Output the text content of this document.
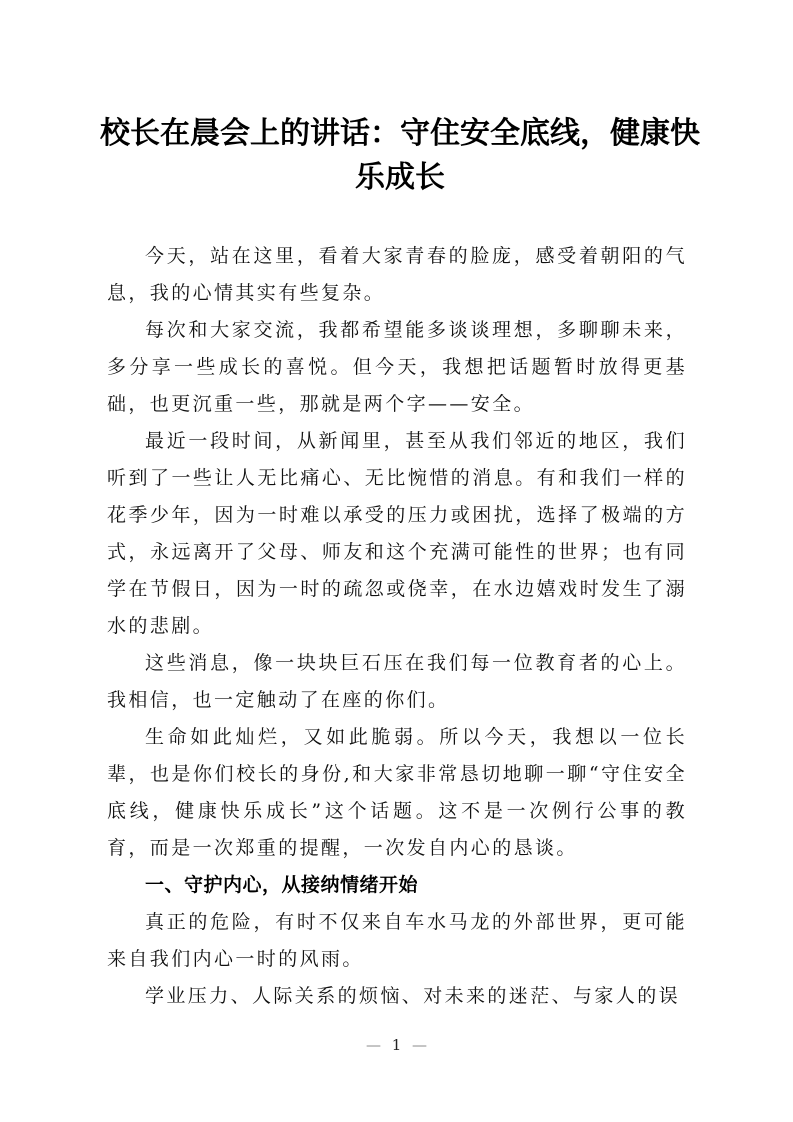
校长在晨会上的讲话：守住安全底线，健康快乐成长

今天，站在这里，看着大家青春的脸庞，感受着朝阳的气息，我的心情其实有些复杂。

每次和大家交流，我都希望能多谈谈理想，多聊聊未来，多分享一些成长的喜悦。但今天，我想把话题暂时放得更基础，也更沉重一些，那就是两个字——安全。

最近一段时间，从新闻里，甚至从我们邻近的地区，我们听到了一些让人无比痛心、无比惋惜的消息。有和我们一样的花季少年，因为一时难以承受的压力或困扰，选择了极端的方式，永远离开了父母、师友和这个充满可能性的世界；也有同学在节假日，因为一时的疏忽或侥幸，在水边嬉戏时发生了溺水的悲剧。

这些消息，像一块块巨石压在我们每一位教育者的心上。我相信，也一定触动了在座的你们。

生命如此灿烂，又如此脆弱。所以今天，我想以一位长辈，也是你们校长的身份,和大家非常恳切地聊一聊“守住安全底线，健康快乐成长”这个话题。这不是一次例行公事的教育，而是一次郑重的提醒，一次发自内心的恳谈。

一、守护内心，从接纳情绪开始

真正的危险，有时不仅来自车水马龙的外部世界，更可能来自我们内心一时的风雨。

学业压力、人际关系的烦恼、对未来的迷茫、与家人的误

— 1 —
